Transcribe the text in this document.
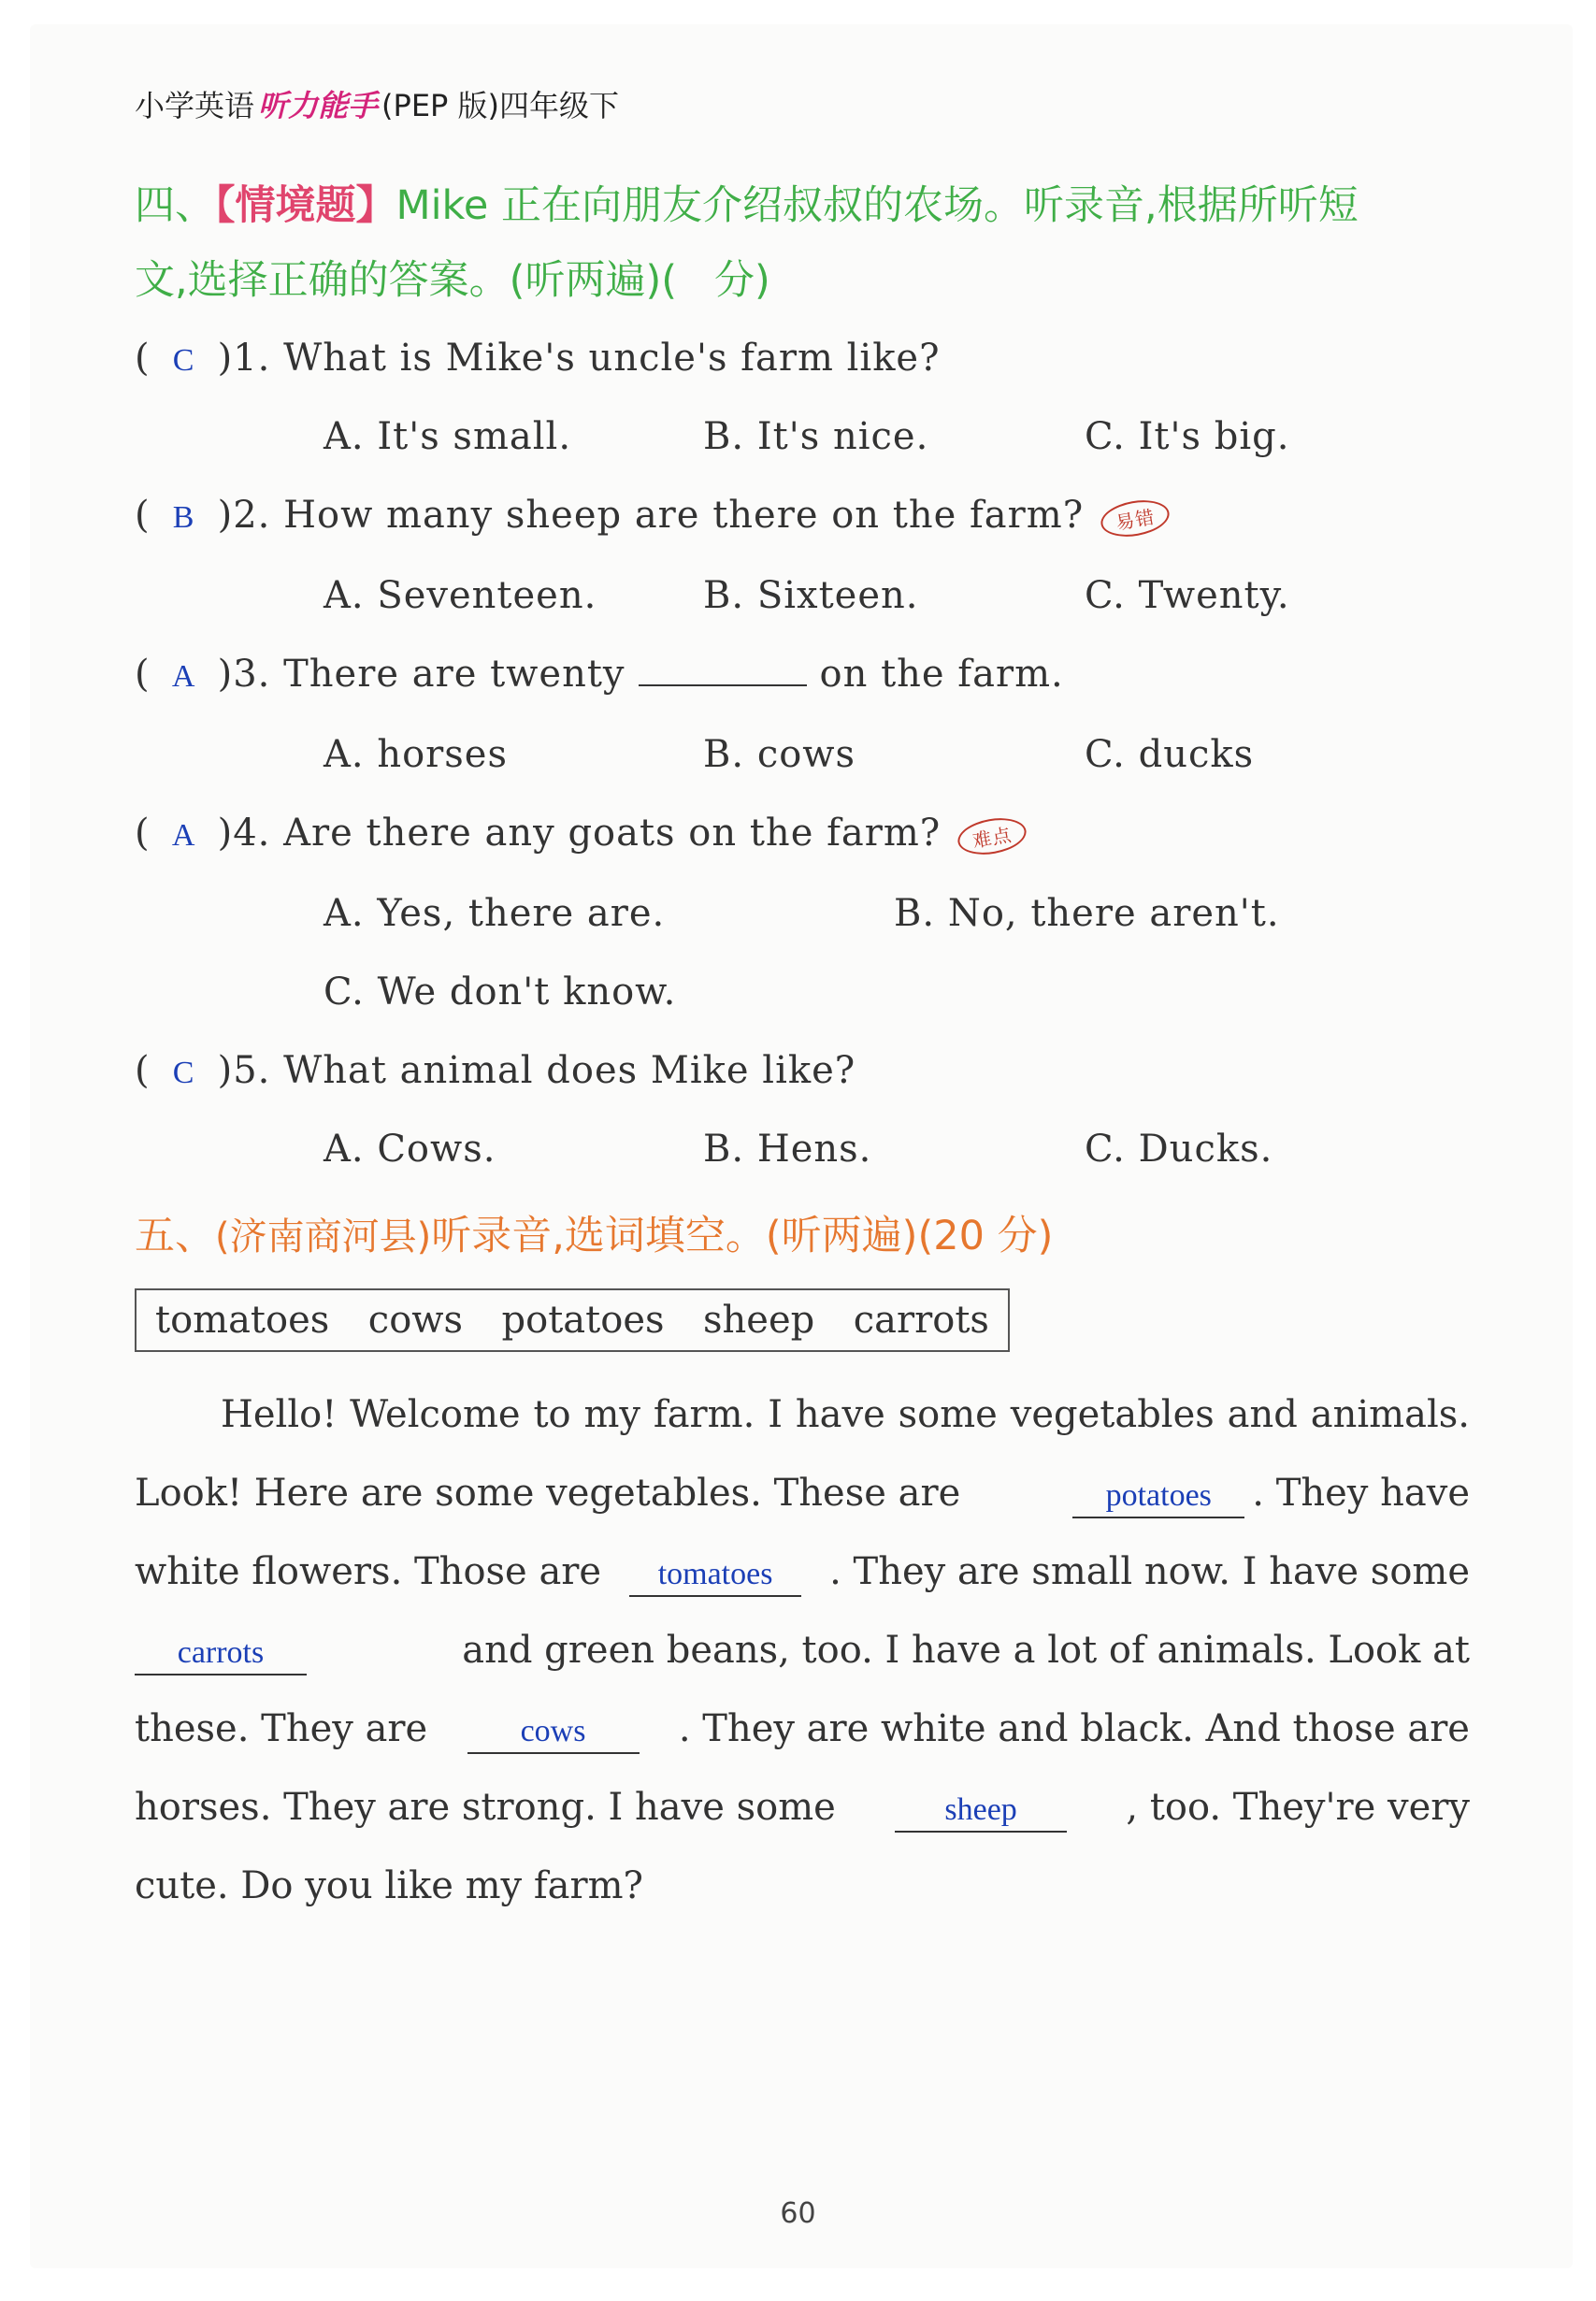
小学英语 听力能手 (PEP 版)四年级下
四、【情境题】Mike 正在向朋友介绍叔叔的农场。听录音,根据所听短
文,选择正确的答案。(听两遍)( 分)
( C )1. What is Mike's uncle's farm like?
A. It's small.	B. It's nice.	C. It's big.
( B )2. How many sheep are there on the farm? 易错
A. Seventeen.	B. Sixteen.	C. Twenty.
( A )3. There are twenty	on the farm.
A. horses	B. cows	C. ducks
( A )4. Are there any goats on the farm? 难点
A. Yes, there are.	B. No, there aren't.
C. We don't know.
( C )5. What animal does Mike like?
A. Cows.	B. Hens.	C. Ducks.
五、(济南商河县)听录音,选词填空。(听两遍)(20 分)
tomatoes cows potatoes sheep carrots
Hello! Welcome to my farm. I have some vegetables and animals.
Look! Here are some vegetables. These are	potatoes . They have
white flowers. Those are	tomatoes	. They are small now. I have some
carrots	and green beans, too. I have a lot of animals. Look at
these. They are	cows	. They are white and black. And those are
horses. They are strong. I have some	sheep	, too. They're very
cute. Do you like my farm?
60
